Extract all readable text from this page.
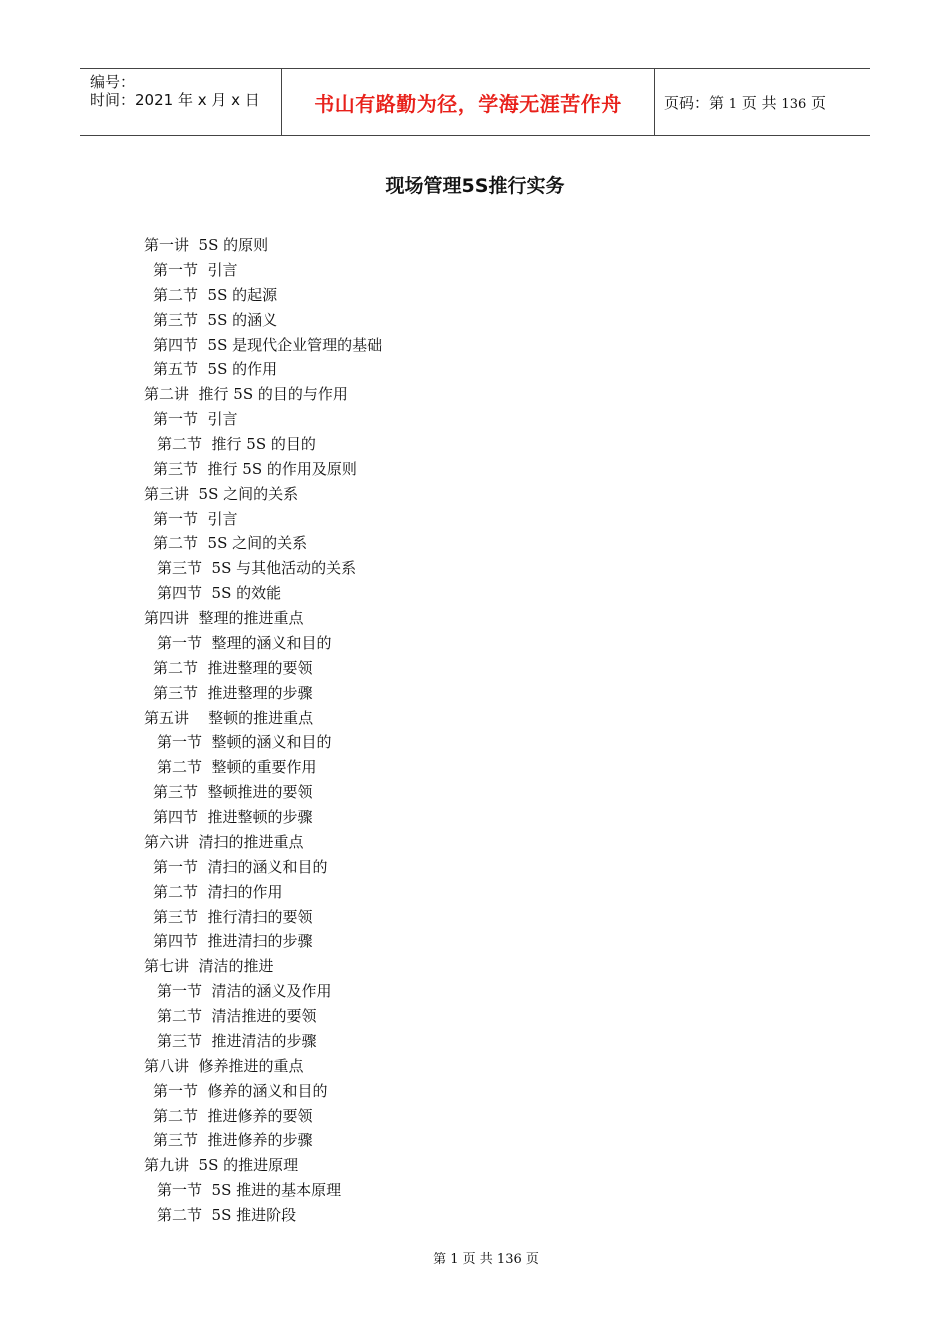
编号：
时间：2021 年 x 月 x 日	书山有路勤为径，学海无涯苦作舟	页码：第 1 页 共 136 页
现场管理5S推行实务
第一讲  5S 的原则
第一节  引言
第二节  5S 的起源
第三节  5S 的涵义
第四节  5S 是现代企业管理的基础
第五节  5S 的作用
第二讲  推行 5S 的目的与作用
第一节  引言
第二节  推行 5S 的目的
第三节  推行 5S 的作用及原则
第三讲  5S 之间的关系
第一节  引言
第二节  5S 之间的关系
第三节  5S 与其他活动的关系
第四节  5S 的效能
第四讲  整理的推进重点
第一节  整理的涵义和目的
第二节  推进整理的要领
第三节  推进整理的步骤
第五讲    整顿的推进重点
第一节  整顿的涵义和目的
第二节  整顿的重要作用
第三节  整顿推进的要领
第四节  推进整顿的步骤
第六讲  清扫的推进重点
第一节  清扫的涵义和目的
第二节  清扫的作用
第三节  推行清扫的要领
第四节  推进清扫的步骤
第七讲  清洁的推进
第一节  清洁的涵义及作用
第二节  清洁推进的要领
第三节  推进清洁的步骤
第八讲  修养推进的重点
第一节  修养的涵义和目的
第二节  推进修养的要领
第三节  推进修养的步骤
第九讲  5S 的推进原理
第一节  5S 推进的基本原理
第二节  5S 推进阶段
第 1 页 共 136 页
